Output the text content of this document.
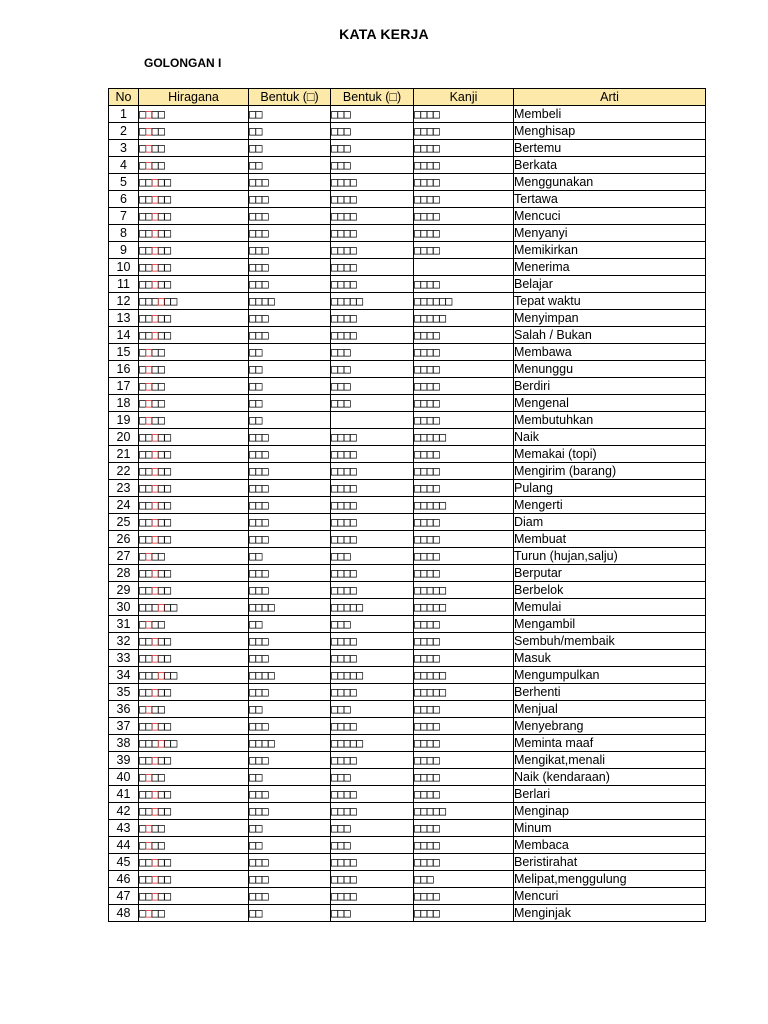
KATA KERJA
GOLONGAN I
No	Hiragana	Bentuk (□)	Bentuk (□)	Kanji	Arti
1	□□□□	□□	□□□	□□□□	Membeli
2	□□□□	□□	□□□	□□□□	Menghisap
3	□□□□	□□	□□□	□□□□	Bertemu
4	□□□□	□□	□□□	□□□□	Berkata
5	□□□□□	□□□	□□□□	□□□□	Menggunakan
6	□□□□□	□□□	□□□□	□□□□	Tertawa
7	□□□□□	□□□	□□□□	□□□□	Mencuci
8	□□□□□	□□□	□□□□	□□□□	Menyanyi
9	□□□□□	□□□	□□□□	□□□□	Memikirkan
10	□□□□□	□□□	□□□□		Menerima
11	□□□□□	□□□	□□□□	□□□□	Belajar
12	□□□□□□	□□□□	□□□□□	□□□□□□	Tepat waktu
13	□□□□□	□□□	□□□□	□□□□□	Menyimpan
14	□□□□□	□□□	□□□□	□□□□	Salah / Bukan
15	□□□□	□□	□□□	□□□□	Membawa
16	□□□□	□□	□□□	□□□□	Menunggu
17	□□□□	□□	□□□	□□□□	Berdiri
18	□□□□	□□	□□□	□□□□	Mengenal
19	□□□□	□□		□□□□	Membutuhkan
20	□□□□□	□□□	□□□□	□□□□□	Naik
21	□□□□□	□□□	□□□□	□□□□	Memakai (topi)
22	□□□□□	□□□	□□□□	□□□□	Mengirim (barang)
23	□□□□□	□□□	□□□□	□□□□	Pulang
24	□□□□□	□□□	□□□□	□□□□□	Mengerti
25	□□□□□	□□□	□□□□	□□□□	Diam
26	□□□□□	□□□	□□□□	□□□□	Membuat
27	□□□□	□□	□□□	□□□□	Turun (hujan,salju)
28	□□□□□	□□□	□□□□	□□□□	Berputar
29	□□□□□	□□□	□□□□	□□□□□	Berbelok
30	□□□□□□	□□□□	□□□□□	□□□□□	Memulai
31	□□□□	□□	□□□	□□□□	Mengambil
32	□□□□□	□□□	□□□□	□□□□	Sembuh/membaik
33	□□□□□	□□□	□□□□	□□□□	Masuk
34	□□□□□□	□□□□	□□□□□	□□□□□	Mengumpulkan
35	□□□□□	□□□	□□□□	□□□□□	Berhenti
36	□□□□	□□	□□□	□□□□	Menjual
37	□□□□□	□□□	□□□□	□□□□	Menyebrang
38	□□□□□□	□□□□	□□□□□	□□□□	Meminta maaf
39	□□□□□	□□□	□□□□	□□□□	Mengikat,menali
40	□□□□	□□	□□□	□□□□	Naik (kendaraan)
41	□□□□□	□□□	□□□□	□□□□	Berlari
42	□□□□□	□□□	□□□□	□□□□□	Menginap
43	□□□□	□□	□□□	□□□□	Minum
44	□□□□	□□	□□□	□□□□	Membaca
45	□□□□□	□□□	□□□□	□□□□	Beristirahat
46	□□□□□	□□□	□□□□	□□□	Melipat,menggulung
47	□□□□□	□□□	□□□□	□□□□	Mencuri
48	□□□□	□□	□□□	□□□□	Menginjak
